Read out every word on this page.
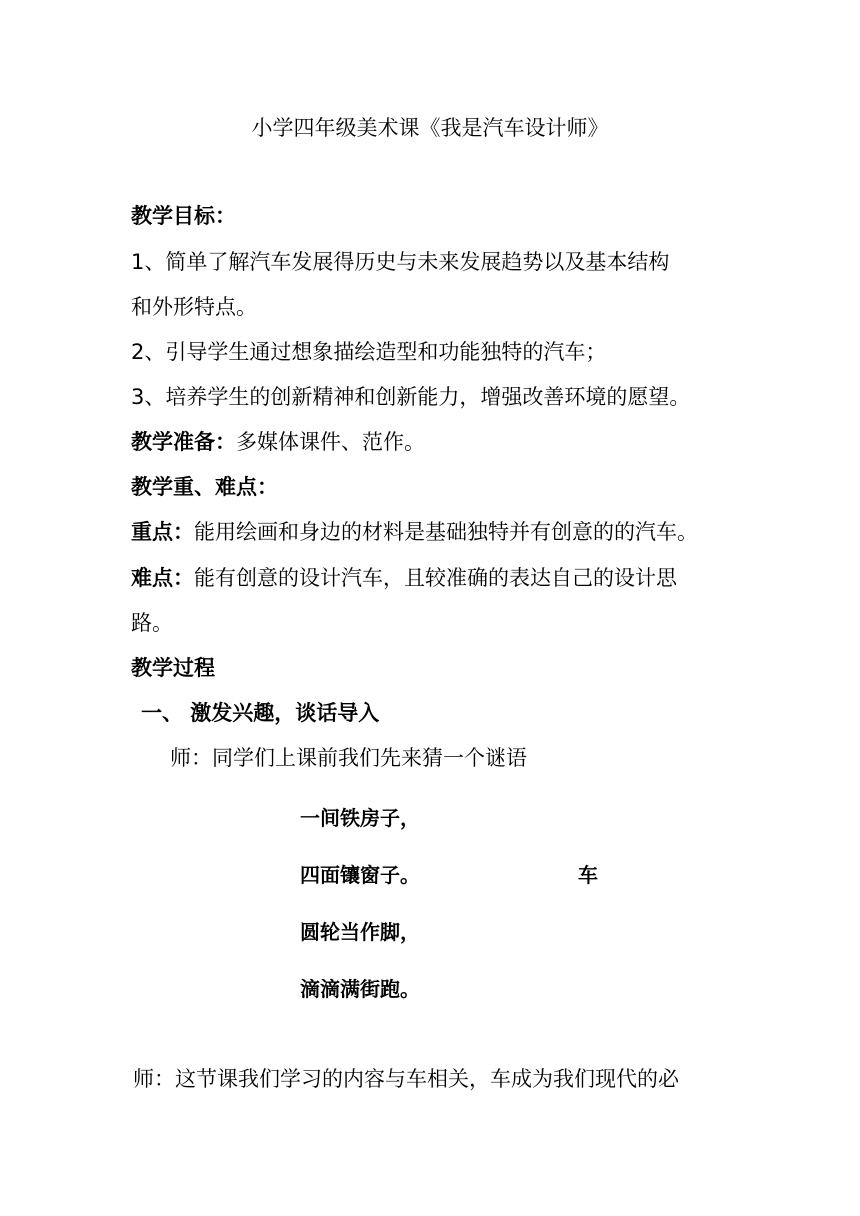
小学四年级美术课《我是汽车设计师》
教学目标：
1、简单了解汽车发展得历史与未来发展趋势以及基本结构
和外形特点。
2、引导学生通过想象描绘造型和功能独特的汽车；
3、培养学生的创新精神和创新能力，增强改善环境的愿望。
教学准备：多媒体课件、范作。
教学重、难点：
重点：能用绘画和身边的材料是基础独特并有创意的的汽车。
难点：能有创意的设计汽车，且较准确的表达自己的设计思
路。
教学过程
一、 激发兴趣，谈话导入
师：同学们上课前我们先来猜一个谜语
一间铁房子，
四面镶窗子。	车
圆轮当作脚，
滴滴满街跑。
师：这节课我们学习的内容与车相关，车成为我们现代的必
